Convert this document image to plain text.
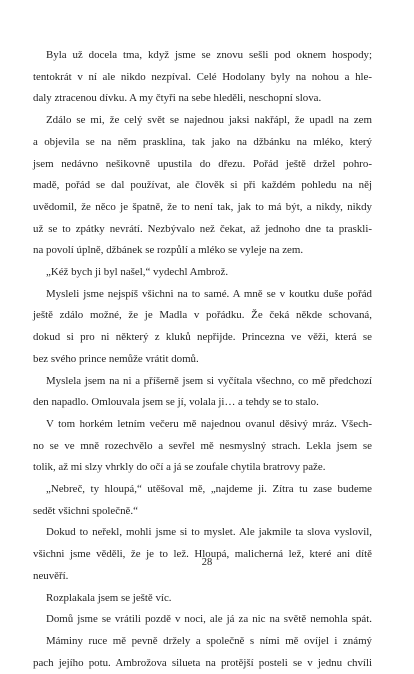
Byla už docela tma, když jsme se znovu sešli pod oknem hospody;
tentokrát v ní ale nikdo nezpíval. Celé Hodolany byly na nohou a hle-
daly ztracenou dívku. A my čtyři na sebe hleděli, neschopní slova.
Zdálo se mi, že celý svět se najednou jaksi nakřápl, že upadl na zem
a objevila se na něm prasklina, tak jako na džbánku na mléko, který
jsem nedávno nešikovně upustila do dřezu. Pořád ještě držel pohro-
madě, pořád se dal používat, ale člověk si při každém pohledu na něj
uvědomil, že něco je špatně, že to není tak, jak to má být, a nikdy, nikdy
už se to zpátky nevrátí. Nezbývalo než čekat, až jednoho dne ta praskli-
na povolí úplně, džbánek se rozpůlí a mléko se vyleje na zem.
„Kéž bych ji byl našel,“ vydechl Ambrož.
Mysleli jsme nejspíš všichni na to samé. A mně se v koutku duše pořád
ještě zdálo možné, že je Madla v pořádku. Že čeká někde schovaná,
dokud si pro ni některý z kluků nepřijde. Princezna ve věži, která se
bez svého prince nemůže vrátit domů.
Myslela jsem na ni a příšerně jsem si vyčítala všechno, co mě předchozí
den napadlo. Omlouvala jsem se jí, volala ji… a tehdy se to stalo.
V tom horkém letním večeru mě najednou ovanul děsivý mráz. Všech-
no se ve mně rozechvělo a sevřel mě nesmyslný strach. Lekla jsem se
tolik, až mi slzy vhrkly do očí a já se zoufale chytila bratrovy paže.
„Nebreč, ty hloupá,“ utěšoval mě, „najdeme ji. Zítra tu zase budeme
sedět všichni společně.“
Dokud to neřekl, mohli jsme si to myslet. Ale jakmile ta slova vyslovil,
všichni jsme věděli, že je to lež. Hloupá, malicherná lež, které ani dítě
neuvěří.
Rozplakala jsem se ještě víc.
Domů jsme se vrátili pozdě v noci, ale já za nic na světě nemohla spát.
Máminy ruce mě pevně držely a společně s ními mě ovíjel i známý
pach jejího potu. Ambrožova silueta na protější posteli se v jednu chvíli
28
